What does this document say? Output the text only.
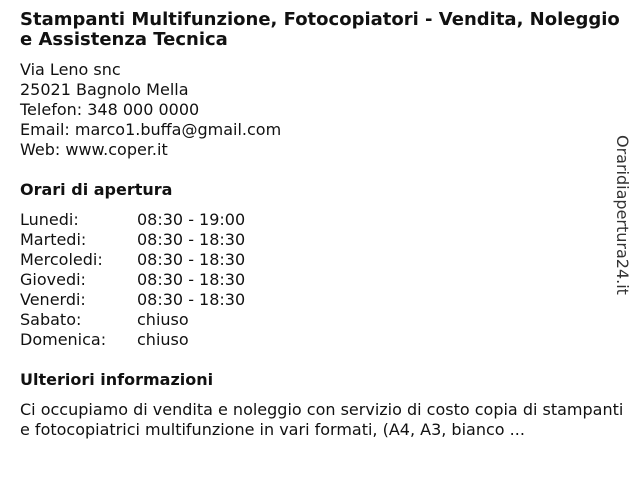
Stampanti Multifunzione, Fotocopiatori - Vendita, Noleggio e Assistenza Tecnica
Via Leno snc
25021 Bagnolo Mella
Telefon: 348 000 0000
Email: marco1.buffa@gmail.com
Web: www.coper.it
Orari di apertura
Lunedi:	08:30 - 19:00
Martedi:	08:30 - 18:30
Mercoledi:	08:30 - 18:30
Giovedi:	08:30 - 18:30
Venerdi:	08:30 - 18:30
Sabato:	chiuso
Domenica:	chiuso
Ulteriori informazioni
Ci occupiamo di vendita e noleggio con servizio di costo copia di stampanti e fotocopiatrici multifunzione in vari formati, (A4, A3, bianco ...
Oraridiapertura24.it
